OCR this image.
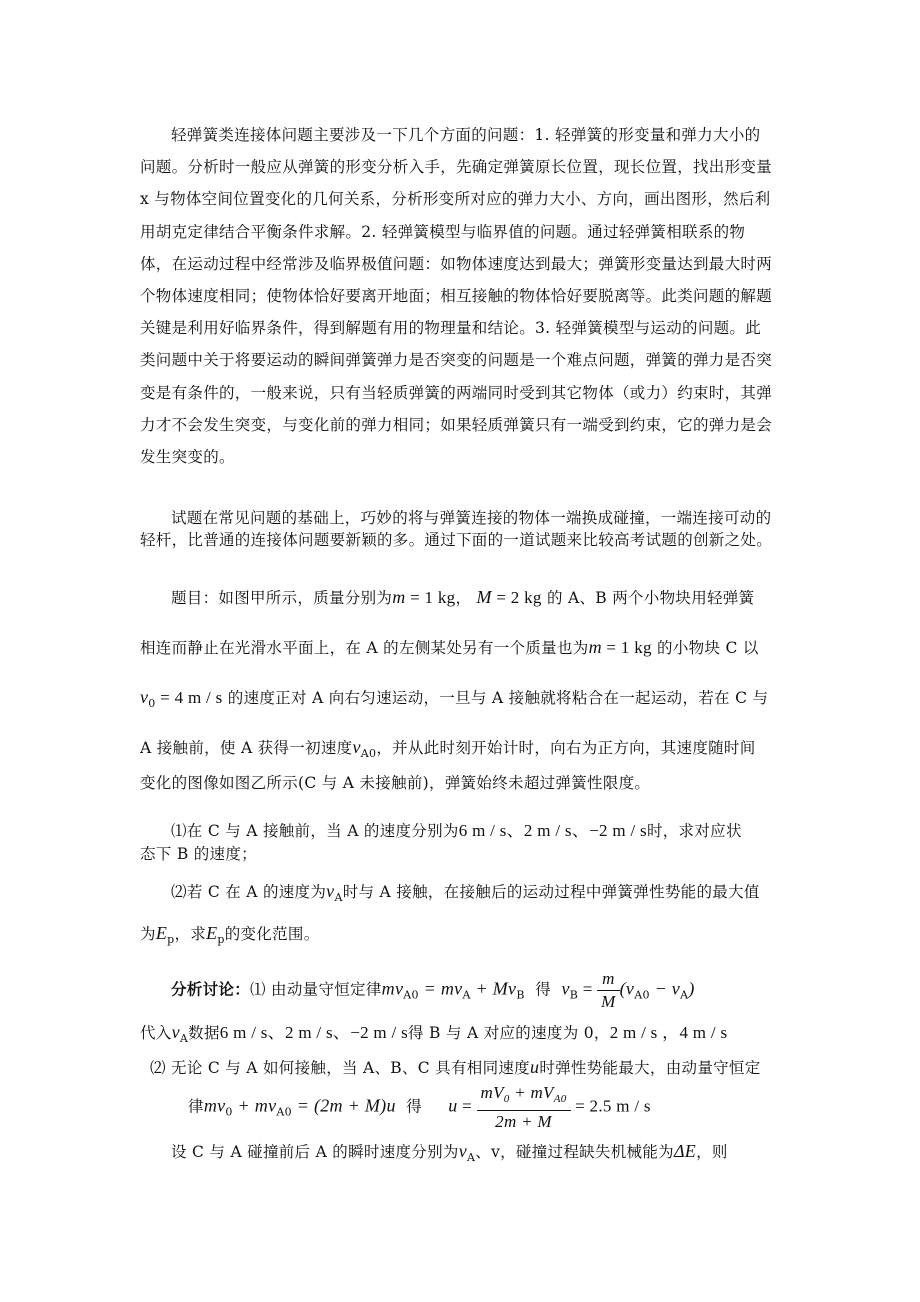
轻弹簧类连接体问题主要涉及一下几个方面的问题：1. 轻弹簧的形变量和弹力大小的问题。分析时一般应从弹簧的形变分析入手，先确定弹簧原长位置，现长位置，找出形变量 x 与物体空间位置变化的几何关系，分析形变所对应的弹力大小、方向，画出图形，然后利用胡克定律结合平衡条件求解。2. 轻弹簧模型与临界值的问题。通过轻弹簧相联系的物体，在运动过程中经常涉及临界极值问题：如物体速度达到最大；弹簧形变量达到最大时两个物体速度相同；使物体恰好要离开地面；相互接触的物体恰好要脱离等。此类问题的解题关键是利用好临界条件，得到解题有用的物理量和结论。3. 轻弹簧模型与运动的问题。此类问题中关于将要运动的瞬间弹簧弹力是否突变的问题是一个难点问题，弹簧的弹力是否突变是有条件的，一般来说，只有当轻质弹簧的两端同时受到其它物体（或力）约束时，其弹力才不会发生突变，与变化前的弹力相同；如果轻质弹簧只有一端受到约束，它的弹力是会发生突变的。

试题在常见问题的基础上，巧妙的将与弹簧连接的物体一端换成碰撞，一端连接可动的轻杆，比普通的连接体问题要新颖的多。通过下面的一道试题来比较高考试题的创新之处。

题目：如图甲所示，质量分别为m = 1 kg， M = 2 kg 的 A、B 两个小物块用轻弹簧
相连而静止在光滑水平面上，在 A 的左侧某处另有一个质量也为m = 1 kg 的小物块 C 以
$v_0 = 4$ m / s 的速度正对 A 向右匀速运动，一旦与 A 接触就将粘合在一起运动，若在 C 与
A 接触前，使 A 获得一初速度$v_{A0}$，并从此时刻开始计时，向右为正方向，其速度随时间
变化的图像如图乙所示(C 与 A 未接触前)，弹簧始终未超过弹簧性限度。
⑴在 C 与 A 接触前，当 A 的速度分别为6 m / s、2 m / s、−2 m / s时，求对应状
态下 B 的速度；
⑵若 C 在 A 的速度为$v_A$时与 A 接触，在接触后的运动过程中弹簧弹性势能的最大值
为$E_p$，求$E_p$的变化范围。
分析讨论：⑴ 由动量守恒定律$mv_{A0} = mv_A + Mv_B$ 得 $v_B = \frac{m}{M} (v_{A0} - v_A)$
代入$v_A$数据6 m / s、2 m / s、−2 m / s得 B 与 A 对应的速度为 0，2 m / s ，4 m / s
⑵ 无论 C 与 A 如何接触，当 A、B、C 具有相同速度u时弹性势能最大，由动量守恒定
律$mv_0 + mv_{A0} = (2m + M)u$ 得 $u = \frac{mV_0 + mV_{A0}}{2m + M} = 2.5$ m / s
设 C 与 A 碰撞前后 A 的瞬时速度分别为$v_A$、v，碰撞过程缺失机械能为ΔE，则
